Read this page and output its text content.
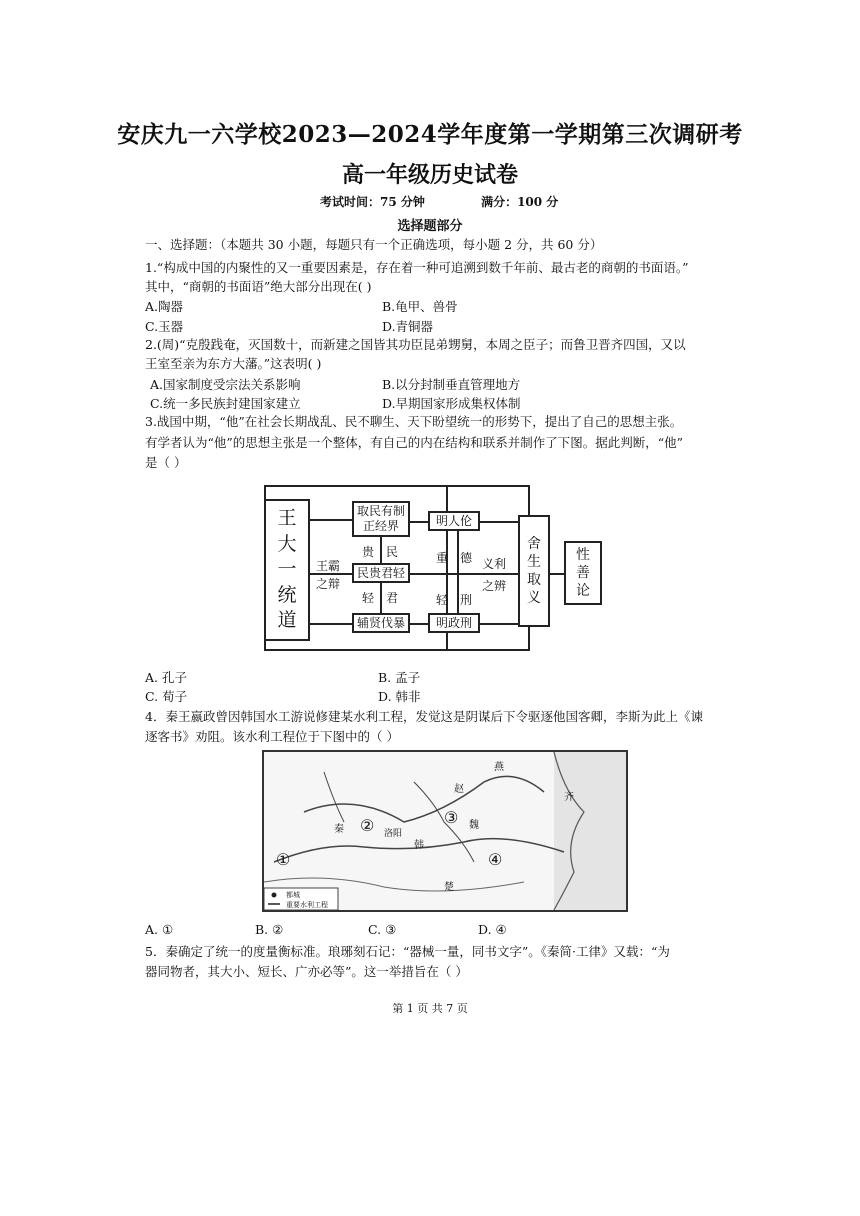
安庆九一六学校2023—2024学年度第一学期第三次调研考
高一年级历史试卷
考试时间：75 分钟	满分：100 分
选择题部分
一、选择题：（本题共 30 小题，每题只有一个正确选项，每小题 2 分，共 60 分）
1.“构成中国的内聚性的又一重要因素是，存在着一种可追溯到数千年前、最古老的商朝的书面语。”
其中，“商朝的书面语”绝大部分出现在( )
A.陶器	B.龟甲、兽骨
C.玉器	D.青铜器
2.(周)“克殷践奄，灭国数十，而新建之国皆其功臣昆弟甥舅，本周之臣子；而鲁卫晋齐四国，又以
王室至亲为东方大藩。”这表明( )
A.国家制度受宗法关系影响	B.以分封制垂直管理地方
C.统一多民族封建国家建立	D.早期国家形成集权体制
3.战国中期，“他”在社会长期战乱、民不聊生、天下盼望统一的形势下，提出了自己的思想主张。
有学者认为“他”的思想主张是一个整体，有自己的内在结构和联系并制作了下图。据此判断，“他”
是（ ）
王
大
一
统
道
取民有制
正经界
民贵君轻
辅贤伐暴
明人伦
明政刑
贵 民
轻 君
王霸
之辩
重 德
轻 刑
义利
之辨
舍
生
取
义
性
善
论
A. 孔子	B. 孟子
C. 荀子	D. 韩非
4．秦王嬴政曾因韩国水工游说修建某水利工程，发觉这是阴谋后下令驱逐他国客卿，李斯为此上《谏
逐客书》劝阻。该水利工程位于下图中的（ ）
燕
赵
齐
秦
韩
魏
楚
洛阳
①
②	③
④
都城
重要水利工程
A. ①	B. ②	C. ③	D. ④
5．秦确定了统一的度量衡标准。琅琊刻石记：“器械一量，同书文字”。《秦简·工律》又载：“为
器同物者，其大小、短长、广亦必等”。这一举措旨在（ ）
第 1 页 共 7 页
